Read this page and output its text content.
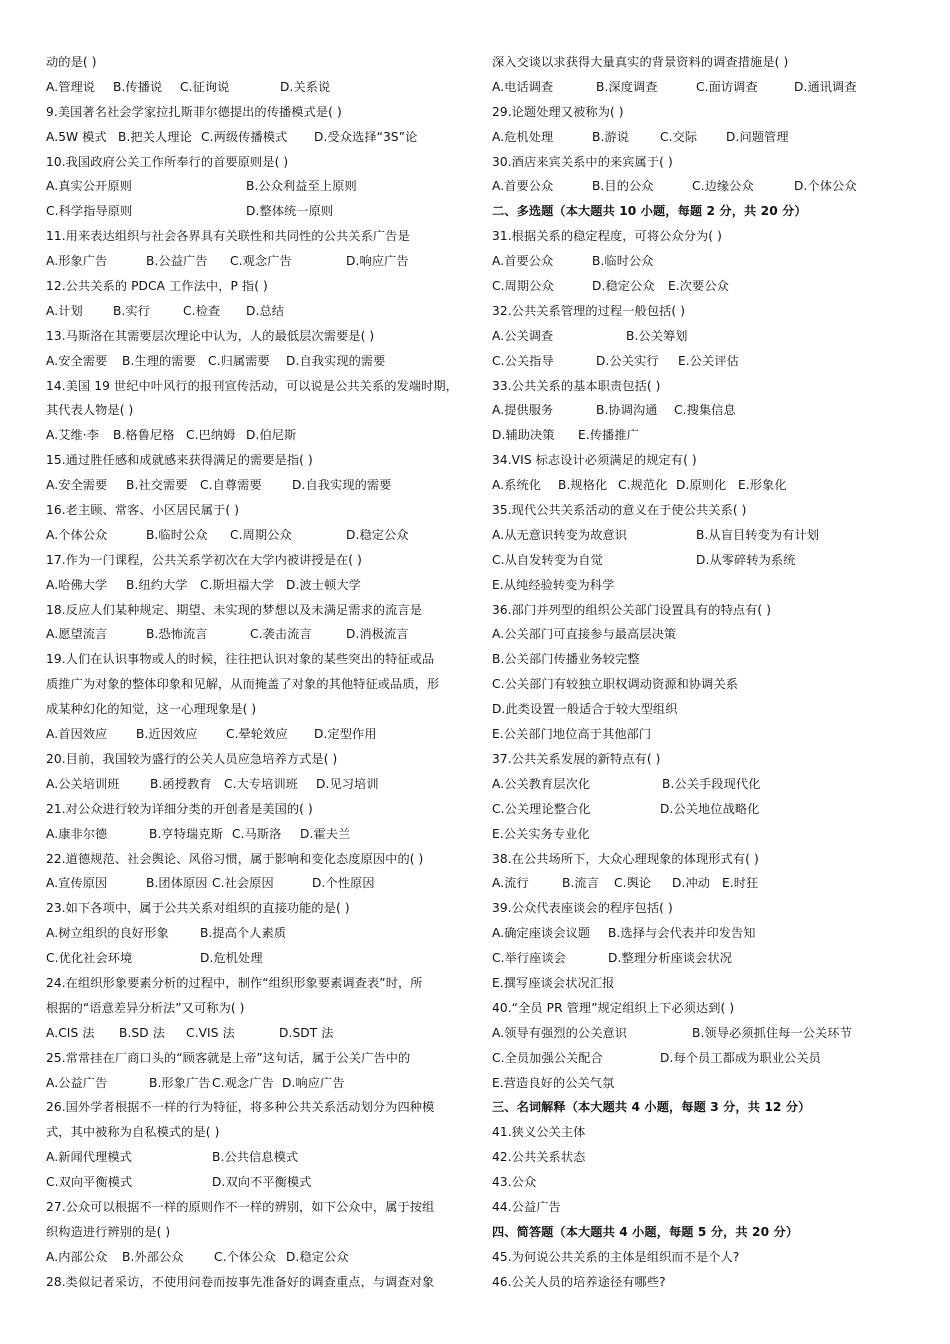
动的是( )
A.管理说 B.传播说 C.征询说	D.关系说
9.美国著名社会学家拉扎斯菲尔德提出的传播模式是( )
A.5W 模式 B.把关人理论 C.两级传播模式 D.受众选择“3S”论
10.我国政府公关工作所奉行的首要原则是( )
A.真实公开原则	B.公众利益至上原则
C.科学指导原则	D.整体统一原则
11.用来表达组织与社会各界具有关联性和共同性的公共关系广告是
A.形象广告	B.公益广告 C.观念广告	D.响应广告
12.公共关系的 PDCA 工作法中，P 指( )
A.计划 B.实行	C.检查 D.总结
13.马斯洛在其需要层次理论中认为，人的最低层次需要是( )
A.安全需要 B.生理的需要 C.归属需要 D.自我实现的需要
14.美国 19 世纪中叶风行的报刊宣传活动，可以说是公共关系的发端时期，
其代表人物是( )
A.艾维·李 B.格鲁尼格 C.巴纳姆 D.伯尼斯
15.通过胜任感和成就感来获得满足的需要是指( )
A.安全需要 B.社交需要 C.自尊需要 D.自我实现的需要
16.老主顾、常客、小区居民属于( )
A.个体公众	B.临时公众 C.周期公众	D.稳定公众
17.作为一门课程，公共关系学初次在大学内被讲授是在( )
A.哈佛大学 B.纽约大学 C.斯坦福大学 D.波士顿大学
18.反应人们某种规定、期望、未实现的梦想以及未满足需求的流言是
A.愿望流言	B.恐怖流言	C.袭击流言	D.消极流言
19.人们在认识事物或人的时候，往往把认识对象的某些突出的特征或品
质推广为对象的整体印象和见解，从而掩盖了对象的其他特征或品质，形
成某种幻化的知觉，这一心理现象是( )
A.首因效应 B.近因效应 C.晕轮效应 D.定型作用
20.目前，我国较为盛行的公关人员应急培养方式是( )
A.公关培训班 B.函授教育 C.大专培训班 D.见习培训
21.对公众进行较为详细分类的开创者是美国的( )
A.康非尔德	B.亨特瑞克斯 C.马斯洛 D.霍夫兰
22.道德规范、社会舆论、风俗习惯，属于影响和变化态度原因中的( )
A.宣传原因	B.团体原因 C.社会原因	D.个性原因
23.如下各项中，属于公共关系对组织的直接功能的是( )
A.树立组织的良好形象	B.提高个人素质
C.优化社会环境	D.危机处理
24.在组织形象要素分析的过程中，制作“组织形象要素调查表”时，所
根据的“语意差异分析法”又可称为( )
A.CIS 法 B.SD 法 C.VIS 法	D.SDT 法
25.常常挂在厂商口头的“顾客就是上帝”这句话，属于公关广告中的
A.公益广告	B.形象广告 C.观念广告 D.响应广告
26.国外学者根据不一样的行为特征，将多种公共关系活动划分为四种模
式，其中被称为自私模式的是( )
A.新闻代理模式	B.公共信息模式
C.双向平衡模式	D.双向不平衡模式
27.公众可以根据不一样的原则作不一样的辨别，如下公众中，属于按组
织构造进行辨别的是( )
A.内部公众 B.外部公众 C.个体公众 D.稳定公众
28.类似记者采访，不使用问卷而按事先准备好的调查重点，与调查对象
深入交谈以求获得大量真实的背景资料的调查措施是( )
A.电话调查	B.深度调查	C.面访调查	D.通讯调查
29.论题处理又被称为( )
A.危机处理	B.游说	C.交际 D.问题管理
30.酒店来宾关系中的来宾属于( )
A.首要公众	B.目的公众	C.边缘公众	D.个体公众
二、多选题（本大题共 10 小题，每题 2 分，共 20 分）
31.根据关系的稳定程度，可将公众分为( )
A.首要公众	B.临时公众
C.周期公众	D.稳定公众 E.次要公众
32.公共关系管理的过程一般包括( )
A.公关调查	B.公关筹划
C.公关指导	D.公关实行 E.公关评估
33.公共关系的基本职责包括( )
A.提供服务	B.协调沟通 C.搜集信息
D.辅助决策 E.传播推广
34.VIS 标志设计必须满足的规定有( )
A.系统化 B.规格化 C.规范化 D.原则化 E.形象化
35.现代公共关系活动的意义在于使公共关系( )
A.从无意识转变为故意识	B.从盲目转变为有计划
C.从自发转变为自觉	D.从零碎转为系统
E.从纯经验转变为科学
36.部门并列型的组织公关部门设置具有的特点有( )
A.公关部门可直接参与最高层决策
B.公关部门传播业务较完整
C.公关部门有较独立职权调动资源和协调关系
D.此类设置一般适合于较大型组织
E.公关部门地位高于其他部门
37.公共关系发展的新特点有( )
A.公关教育层次化	B.公关手段现代化
C.公关理论整合化	D.公关地位战略化
E.公关实务专业化
38.在公共场所下，大众心理现象的体现形式有( )
A.流行	B.流言 C.舆论 D.冲动 E.时狂
39.公众代表座谈会的程序包括( )
A.确定座谈会议题 B.选择与会代表并印发告知
C.举行座谈会	D.整理分析座谈会状况
E.撰写座谈会状况汇报
40.“全员 PR 管理”规定组织上下必须达到( )
A.领导有强烈的公关意识	B.领导必须抓住每一公关环节
C.全员加强公关配合	D.每个员工都成为职业公关员
E.营造良好的公关气氛
三、名词解释（本大题共 4 小题，每题 3 分，共 12 分）
41.狭义公关主体
42.公共关系状态
43.公众
44.公益广告
四、简答题（本大题共 4 小题，每题 5 分，共 20 分）
45.为何说公共关系的主体是组织而不是个人?
46.公关人员的培养途径有哪些?
